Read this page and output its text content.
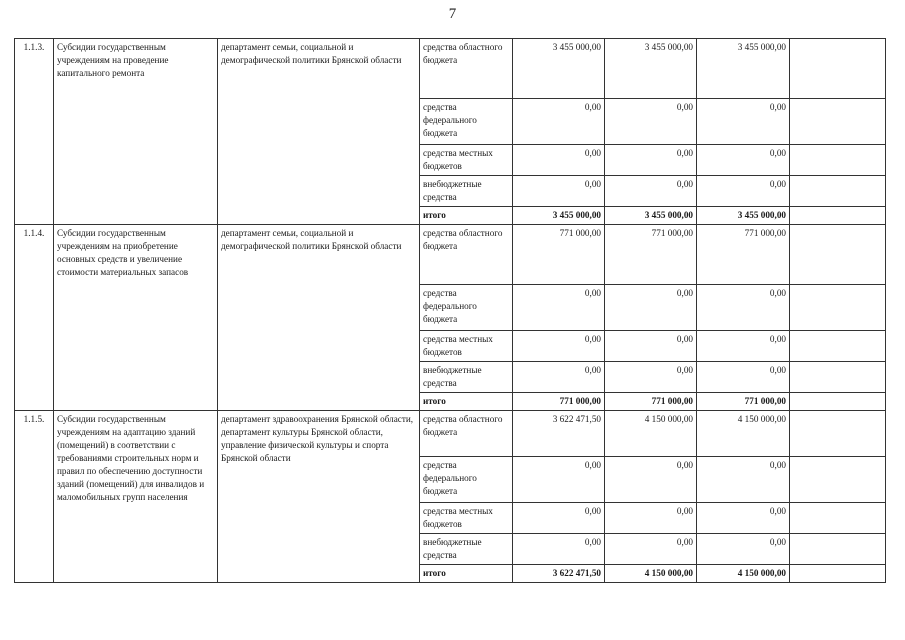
7
1.1.3.	Субсидии государственным учреждениям на проведение капитального ремонта	департамент семьи, социальной и демографической политики Брянской области	средства областного бюджета	3 455 000,00	3 455 000,00	3 455 000,00	
			средства федерального бюджета	0,00	0,00	0,00	
			средства местных бюджетов	0,00	0,00	0,00	
			внебюджетные средства	0,00	0,00	0,00	
			итого	3 455 000,00	3 455 000,00	3 455 000,00	
1.1.4.	Субсидии государственным учреждениям на приобретение основных средств и увеличение стоимости материальных запасов	департамент семьи, социальной и демографической политики Брянской области	средства областного бюджета	771 000,00	771 000,00	771 000,00	
			средства федерального бюджета	0,00	0,00	0,00	
			средства местных бюджетов	0,00	0,00	0,00	
			внебюджетные средства	0,00	0,00	0,00	
			итого	771 000,00	771 000,00	771 000,00	
1.1.5.	Субсидии государственным учреждениям на адаптацию зданий (помещений) в соответствии с требованиями строительных норм и правил по обеспечению доступности зданий (помещений) для инвалидов и маломобильных групп населения	департамент здравоохранения Брянской области, департамент культуры Брянской области, управление физической культуры и спорта Брянской области	средства областного бюджета	3 622 471,50	4 150 000,00	4 150 000,00	
			средства федерального бюджета	0,00	0,00	0,00	
			средства местных бюджетов	0,00	0,00	0,00	
			внебюджетные средства	0,00	0,00	0,00	
			итого	3 622 471,50	4 150 000,00	4 150 000,00	
